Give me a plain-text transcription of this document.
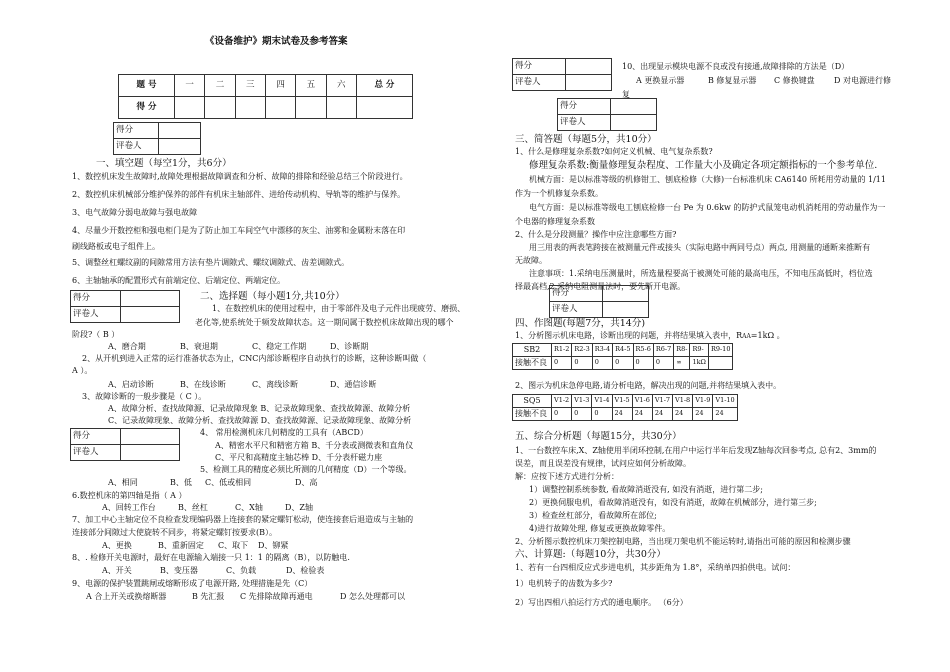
《设备维护》期末试卷及参考答案
题 号	一	二	三	四	五	六	总 分
得 分							
得分	
评卷人	
一、填空题（每空1分，共6分）
1、数控机床发生故障时,故障处理根据故障调查和分析、故障的排除和经验总结三个阶段进行。
2、数控机床机械部分维护保养的部件有机床主轴部件、进给传动机构、导轨等的维护与保养。
3、电气故障分弱电故障与强电故障
4、尽量少开数控柜和强电柜门是为了防止加工车间空气中漂移的灰尘、油雾和金属粉末落在印
刷线路板或电子组件上。
5、调整丝杠螺纹副的间隙常用方法有垫片调隙式、螺纹调隙式、齿差调隙式。
6、主轴轴承的配置形式有前端定位、后端定位、两端定位。
得分	
评卷人	
二、选择题（每小题1分,共10分）
1、在数控机床的使用过程中，由于零部件及电子元件出现疲劳、磨损、
老化等,使系统处于频发故障状态。这一期间属于数控机床故障出现的哪个
阶段?（ B ）
A、磨合期	B、衰退期	C、稳定工作期	D、诊断期
2、从开机到进入正常的运行准备状态为止，CNC内部诊断程序自动执行的诊断，这种诊断叫做（
A ）。
A、启动诊断	B、在线诊断	C、离线诊断	D、通信诊断
3、故障诊断的一般步骤是（ C ）。
A、故障分析、查找故障源、记录故障现象 B、记录故障现象、查找故障源、故障分析
C、记录故障现象、故障分析、查找故障源 D、查找故障源、记录故障现象、故障分析
得分	
评卷人	
4、 常用检测机床几何精度的工具有（ABCD）
A、精密水平尺和精密方箱 B、千分表或测微表和直角仪
C、平尺和高精度主轴芯棒 D、千分表杆磁力座
5、检测工具的精度必须比所测的几何精度（D）一个等级。
A、相同	B、低 C、低或相同	D、高
6.数控机床的第四轴是指（ A ）
A、回转工作台	B、丝杠	C、X轴	D、Z轴
7、加工中心主轴定位不良检查发现编码器上连接套的紧定螺钉松动，使连接套后退造成与主轴的
连接部分间隙过大使旋转不同步，将紧定螺钉按要求(B）。
A、更换	B、重新固定 C、取下 D、铆紧
8、. 检修开关电源时，最好在电源输入端接一只 1：1 的隔离（B），以防触电.
A、开关	B、变压器	C、负载	D、检验表
9、电源的保护装置跳闸或熔断形成了电源开路, 处理措施是先（C）
A 合上开关或换熔断器	B 先汇报 C 先排除故障再通电	D 怎么处理都可以
得分	
评卷人	
10、出现显示模块电源不良或没有接通,故障排除的方法是（D）
A 更换显示器	B 修复显示器 C 修换键盘 D 对电源进行修
复
得分	
评卷人	
三、简答题（每题5分，共10分）
1、什么是修理复杂系数?如何定义机械、电气复杂系数?
修理复杂系数:衡量修理复杂程度、工作量大小及确定各项定额指标的一个参考单位.
机械方面：是以标准等级的机修钳工、刨底检修（大修)一台标准机床 CA6140 所耗用劳动量的 1/11
作为一个机修复杂系数。
电气方面：是以标准等级电工刨底检修一台 Pe 为 0.6kw 的防护式鼠笼电动机消耗用的劳动量作为一
个电器的修理复杂系数
2、什么是分段测量？操作中应注意哪些方面?
用三用表的两表笔跨接在被测量元件或接头（实际电路中两同号点）两点, 用测量的通断来推断有
无故障。
注意事项：1.采纳电压测量时，所选量程要高于被测处可能的最高电压，不知电压高低时，档位选
择最高档,2.采纳电阻测量法时，要先断开电源。
得分	
评卷人	
四、作图题(每题7分，共14分)
1、分析图示机床电路，诊断出现的问题，并将结果填入表中，RAA=1kΩ 。
SB2	R1-2	R2-3	R3-4	R4-5	R5-6	R6-7	R8-	R9-	R9-10
接触不良	0	0	0	0	0	0	∞	1kΩ	
2、图示为机床急停电路,请分析电路，解决出现的问题,并将结果填入表中。
SQ5	V1-2	V1-3	V1-4	V1-5	V1-6	V1-7	V1-8	V1-9	V1-10
接触不良	0	0	0	24	24	24	24	24	24
五、综合分析题（每题15分，共30分）
1、一台数控车床,X、Z轴使用半闭环控制,在用户中运行半年后发现Z轴每次回参考点, 总有2、3mm的
误差，而且误差没有规律，试问应如何分析故障。
解：应按下述方式进行分析：
1）调整控制系统参数, 看故障消逝没有, 如没有消逝，进行第二步;
2）更换伺服电机，看故障消逝没有，如没有消逝，故障在机械部分，进行第三步;
3）检查丝杠部分，看故障所在部位;
4)进行故障处理, 修复或更换故障零件。
2、分析图示数控机床刀架控制电路，当出现刀架电机不能运转时,请指出可能的原因和检测步骤
六、计算题:（每题10分，共30分）
1、若有一台四相反应式步进电机，其步距角为 1.8°，采纳单四拍供电。试问：
1）电机转子的齿数为多少?
2）写出四相八拍运行方式的通电顺序。 （6分）
